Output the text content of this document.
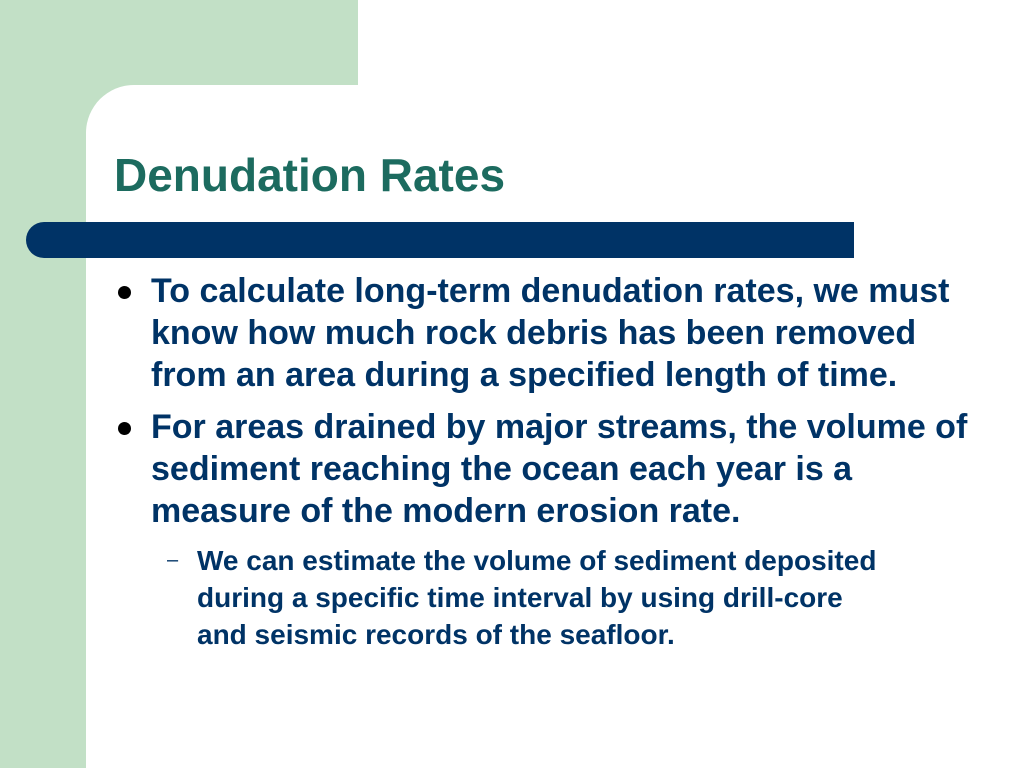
Denudation Rates
To calculate long-term denudation rates, we must know how much rock debris has been removed from an area during a specified length of time.
For areas drained by major streams, the volume of sediment reaching the ocean each year is a measure of the modern erosion rate.
– We can estimate the volume of sediment deposited during a specific time interval by using drill-core and seismic records of the seafloor.
